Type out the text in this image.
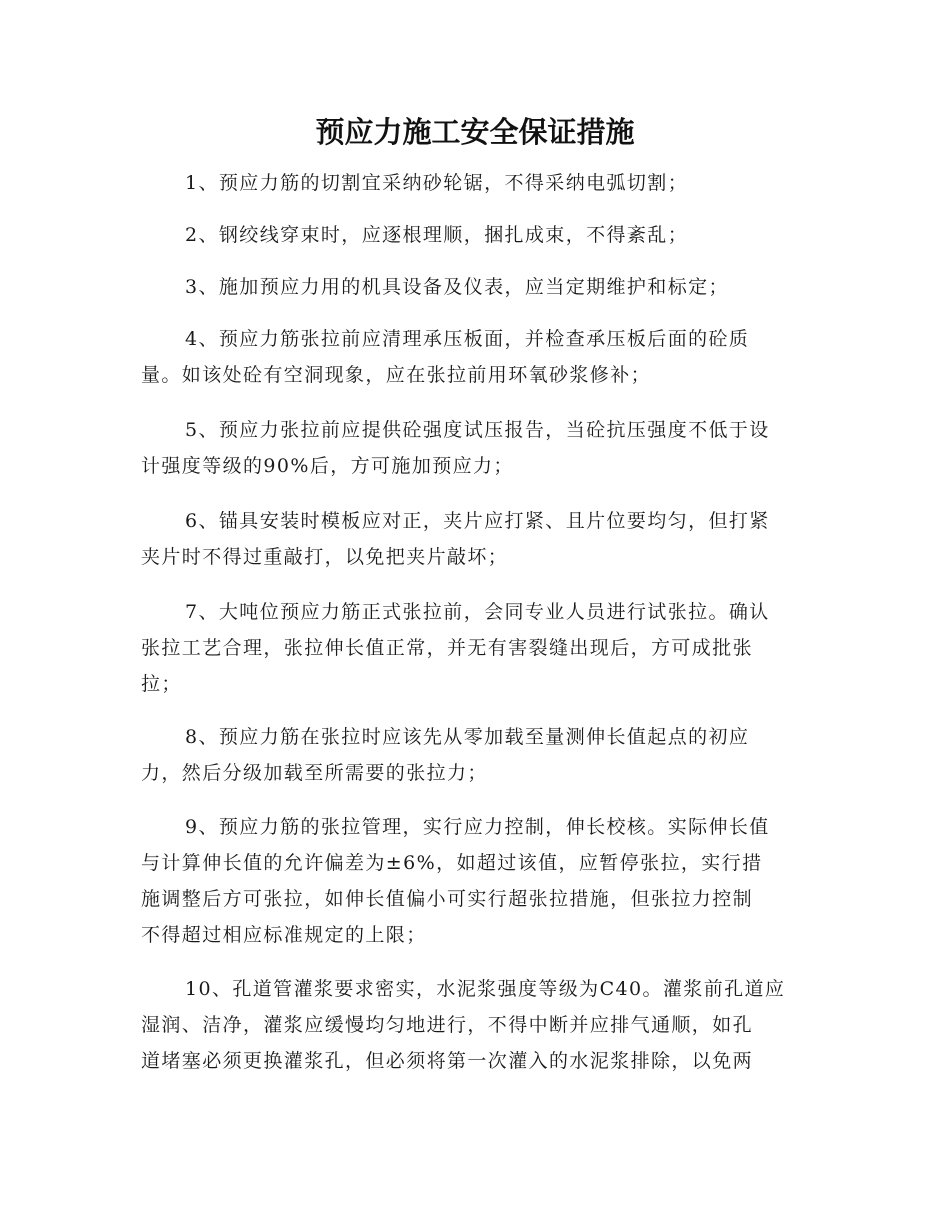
预应力施工安全保证措施
1、预应力筋的切割宜采纳砂轮锯，不得采纳电弧切割；
2、钢绞线穿束时，应逐根理顺，捆扎成束，不得紊乱；
3、施加预应力用的机具设备及仪表，应当定期维护和标定；
4、预应力筋张拉前应清理承压板面，并检查承压板后面的砼质
量。如该处砼有空洞现象，应在张拉前用环氧砂浆修补；
5、预应力张拉前应提供砼强度试压报告，当砼抗压强度不低于设
计强度等级的90%后，方可施加预应力；
6、锚具安装时模板应对正，夹片应打紧、且片位要均匀，但打紧
夹片时不得过重敲打，以免把夹片敲坏；
7、大吨位预应力筋正式张拉前，会同专业人员进行试张拉。确认
张拉工艺合理，张拉伸长值正常，并无有害裂缝出现后，方可成批张
拉；
8、预应力筋在张拉时应该先从零加载至量测伸长值起点的初应
力，然后分级加载至所需要的张拉力；
9、预应力筋的张拉管理，实行应力控制，伸长校核。实际伸长值
与计算伸长值的允许偏差为±6%，如超过该值，应暂停张拉，实行措
施调整后方可张拉，如伸长值偏小可实行超张拉措施，但张拉力控制
不得超过相应标准规定的上限；
10、孔道管灌浆要求密实，水泥浆强度等级为C40。灌浆前孔道应
湿润、洁净，灌浆应缓慢均匀地进行，不得中断并应排气通顺，如孔
道堵塞必须更换灌浆孔，但必须将第一次灌入的水泥浆排除，以免两
